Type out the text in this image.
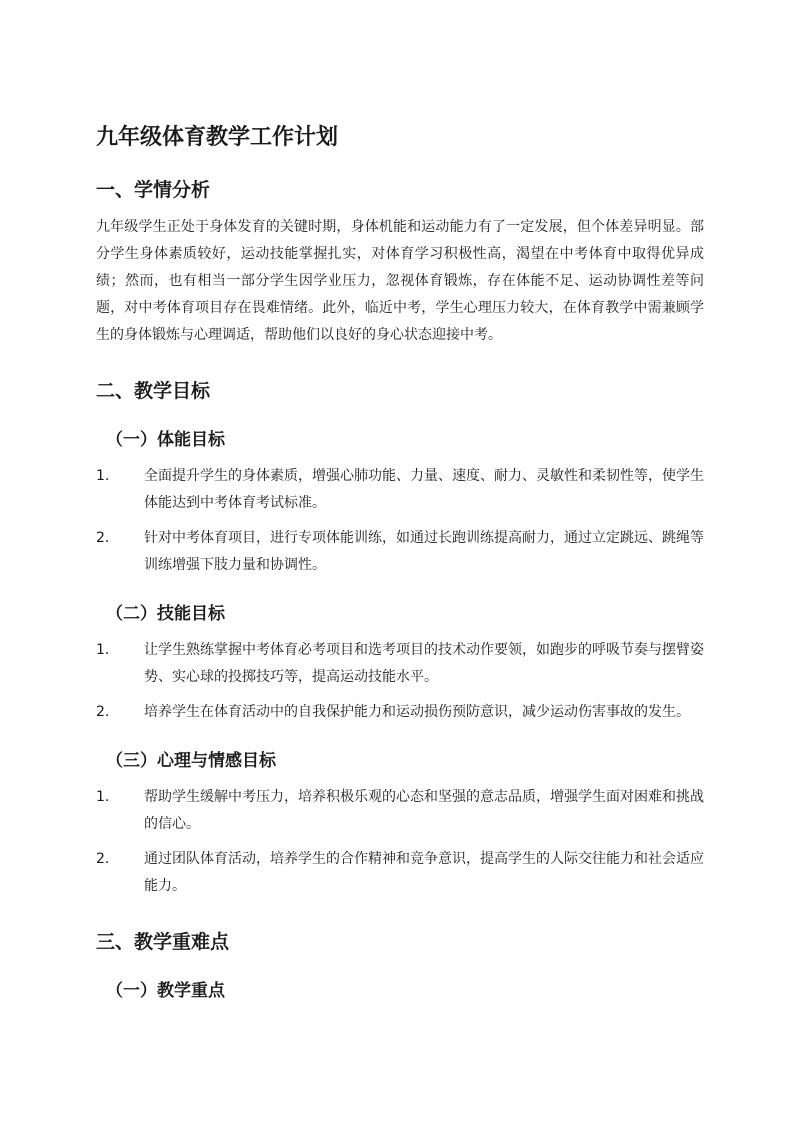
九年级体育教学工作计划
一、学情分析

九年级学生正处于身体发育的关键时期，身体机能和运动能力有了一定发展，但个体差异明显。部分学生身体素质较好，运动技能掌握扎实，对体育学习积极性高，渴望在中考体育中取得优异成绩；然而，也有相当一部分学生因学业压力，忽视体育锻炼，存在体能不足、运动协调性差等问题，对中考体育项目存在畏难情绪。此外，临近中考，学生心理压力较大，在体育教学中需兼顾学生的身体锻炼与心理调适，帮助他们以良好的身心状态迎接中考。

二、教学目标
（一）体能目标
1.	全面提升学生的身体素质，增强心肺功能、力量、速度、耐力、灵敏性和柔韧性等，使学生体能达到中考体育考试标准。
2.	针对中考体育项目，进行专项体能训练，如通过长跑训练提高耐力，通过立定跳远、跳绳等训练增强下肢力量和协调性。
（二）技能目标
1.	让学生熟练掌握中考体育必考项目和选考项目的技术动作要领，如跑步的呼吸节奏与摆臂姿势、实心球的投掷技巧等，提高运动技能水平。
2.	培养学生在体育活动中的自我保护能力和运动损伤预防意识，减少运动伤害事故的发生。
（三）心理与情感目标
1.	帮助学生缓解中考压力，培养积极乐观的心态和坚强的意志品质，增强学生面对困难和挑战的信心。
2.	通过团队体育活动，培养学生的合作精神和竞争意识，提高学生的人际交往能力和社会适应能力。
三、教学重难点
（一）教学重点
